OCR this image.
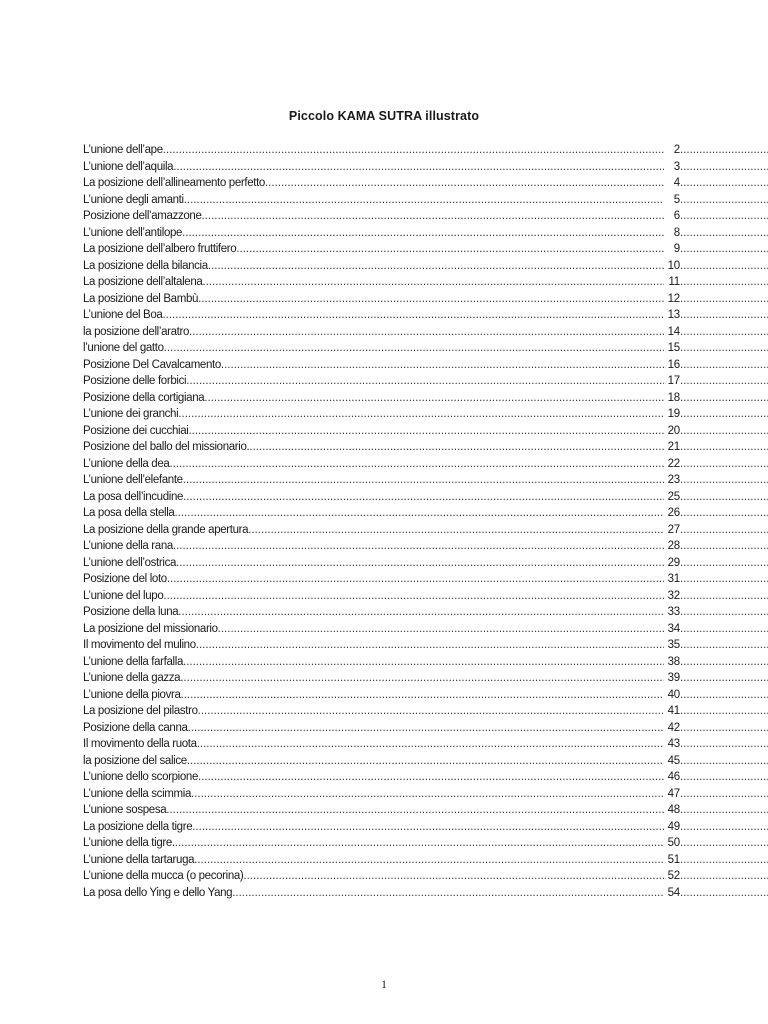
Piccolo KAMA SUTRA illustrato
L’unione dell’ape .....	2
.....
L’unione dell’aquila .....	3
.....
La posizione dell’allineamento perfetto .....	4
.....
L’unione degli amanti .....	5
.....
Posizione dell’amazzone .....	6
.....
L’unione dell’antilope .....	8
.....
La posizione dell’albero fruttifero .....	9
.....
La posizione della bilancia .....	10
.....
La posizione dell’altalena .....	11
.....
La posizione del Bambù .....	12
.....
L’unione del Boa .....	13
.....
la posizione dell’aratro .....	14
.....
l’unione del gatto .....	15
.....
Posizione Del Cavalcamento .....	16
.....
Posizione delle forbici .....	17
.....
Posizione della cortigiana .....	18
.....
L’unione dei granchi .....	19
.....
Posizione dei cucchiai .....	20
.....
Posizione del ballo del missionario. .....	21
.....
L’unione della dea .....	22
.....
L’unione dell’elefante .....	23
.....
La posa dell’incudine .....	25
.....
La posa della stella .....	26
.....
La posizione della grande apertura .....	27
.....
L’unione della rana .....	28
.....
L’unione dell’ostrica .....	29
.....
Posizione del loto .....	31
.....
L’unione del lupo .....	32
.....
Posizione della luna .....	33
.....
La posizione del missionario .....	34
.....
Il movimento del mulino .....	35
.....
L’unione della farfalla .....	38
.....
L’unione della gazza .....	39
.....
L’unione della piovra .....	40
.....
La posizione del pilastro .....	41
.....
Posizione della canna .....	42
.....
Il movimento della ruota .....	43
.....
la posizione del salice .....	45
.....
L’unione dello scorpione .....	46
.....
L’unione della scimmia .....	47
.....
L’unione sospesa .....	48
.....
La posizione della tigre .....	49
.....
L’unione della tigre. .....	50
.....
L’unione della tartaruga .....	51
.....
L’unione della mucca (o pecorina) .....	52
.....
La posa dello Ying e dello Yang .....	54
.....
1
